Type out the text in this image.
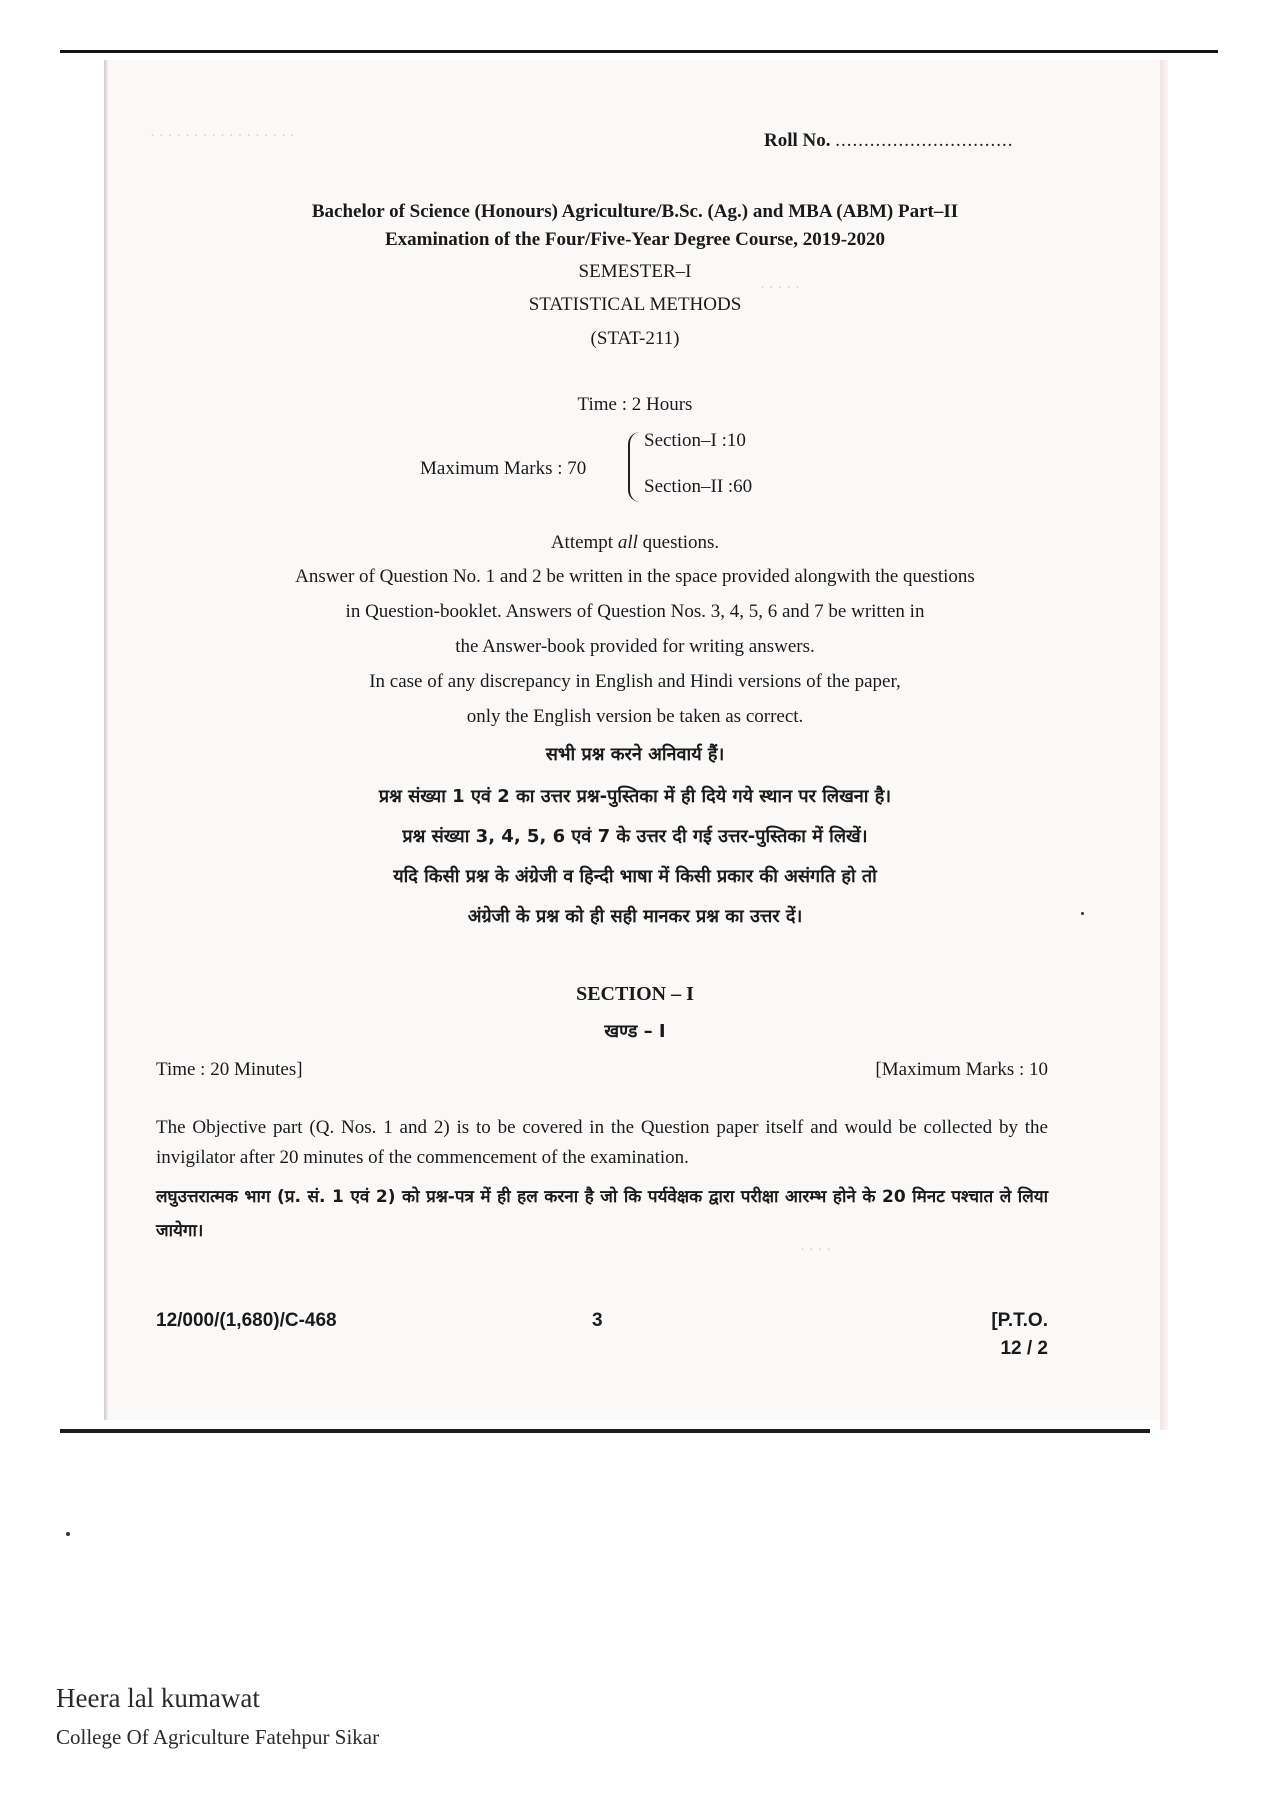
· · · · · · · · · · · · · · · · ·
· · · · ·
· · · ·
Roll No. ...............................
Bachelor of Science (Honours) Agriculture/B.Sc. (Ag.) and MBA (ABM) Part–II
Examination of the Four/Five-Year Degree Course, 2019-2020
SEMESTER–I
STATISTICAL METHODS
(STAT-211)
Time : 2 Hours
Maximum Marks : 70
Section–I :10
Section–II :60
Attempt all questions.
Answer of Question No. 1 and 2 be written in the space provided alongwith the questions
in Question-booklet. Answers of Question Nos. 3, 4, 5, 6 and 7 be written in
the Answer-book provided for writing answers.
In case of any discrepancy in English and Hindi versions of the paper,
only the English version be taken as correct.
सभी प्रश्न करने अनिवार्य हैं।
प्रश्न संख्या 1 एवं 2 का उत्तर प्रश्न-पुस्तिका में ही दिये गये स्थान पर लिखना है।
प्रश्न संख्या 3, 4, 5, 6 एवं 7 के उत्तर दी गई उत्तर-पुस्तिका में लिखें।
यदि किसी प्रश्न के अंग्रेजी व हिन्दी भाषा में किसी प्रकार की असंगति हो तो
अंग्रेजी के प्रश्न को ही सही मानकर प्रश्न का उत्तर दें।
SECTION – I
खण्ड – I
Time : 20 Minutes]	[Maximum Marks : 10
The Objective part (Q. Nos. 1 and 2) is to be covered in the Question paper itself and would be collected by the invigilator after 20 minutes of the commencement of the examination.
लघुउत्तरात्मक भाग (प्र. सं. 1 एवं 2) को प्रश्न-पत्र में ही हल करना है जो कि पर्यवेक्षक द्वारा परीक्षा आरम्भ होने के 20 मिनट पश्चात ले लिया जायेगा।
12/000/(1,680)/C-468	3	[P.T.O.
12 / 2
Heera lal kumawat
College Of Agriculture Fatehpur Sikar
